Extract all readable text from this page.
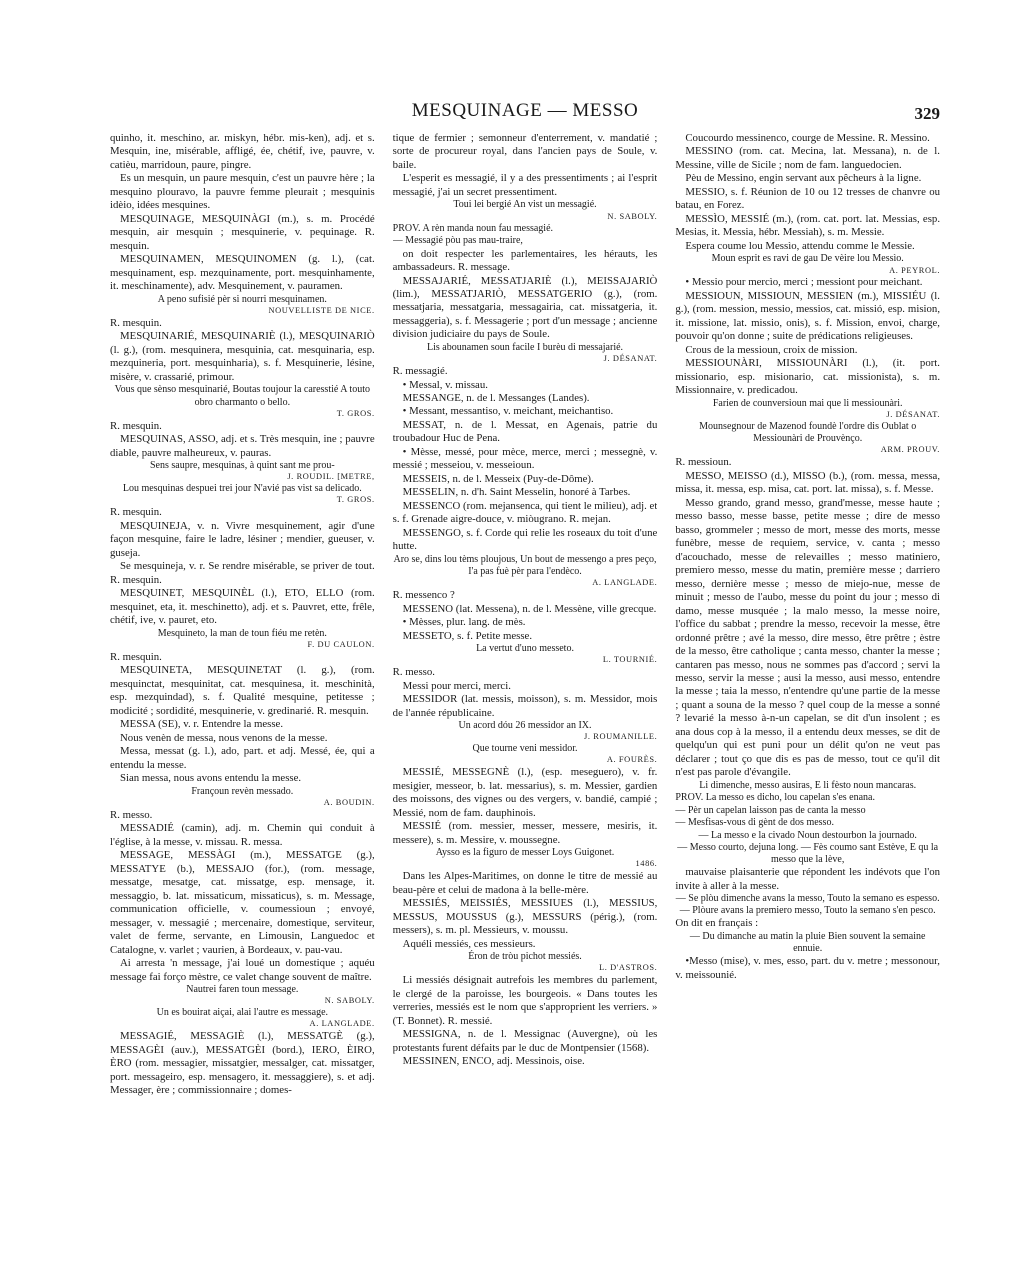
MESQUINAGE — MESSO	329

quinho, it. meschino, ar. miskyn, hébr. mis-ken), adj. et s. Mesquin, ine, misérable, affligé, ée, chétif, ive, pauvre, v. catièu, marridoun, paure, pingre.

Es un mesquin, un paure mesquin, c'est un pauvre hère ; la mesquino plouravo, la pauvre femme pleurait ; mesquinis idèio, idées mesquines.

MESQUINAGE, MESQUINÀGI (m.), s. m. Procédé mesquin, air mesquin ; mesquinerie, v. pequinage. R. mesquin.

MESQUINAMEN, MESQUINOMEN (g. l.), (cat. mesquinament, esp. mezquinamente, port. mesquinhamente, it. meschinamente), adv. Mesquinement, v. pauramen.

A peno sufisié pèr si nourri mesquinamen.

NOUVELLISTE DE NICE.

R. mesquin.

MESQUINARIÉ, MESQUINARIÈ (l.), MESQUINARIÒ (l. g.), (rom. mesquinera, mesquinia, cat. mesquinaria, esp. mezquineria, port. mesquinharia), s. f. Mesquinerie, lésine, misère, v. crassarié, primour.

Vous que sènso mesquinarié, Boutas toujour la caresstié A touto obro charmanto o bello.

T. GROS.

R. mesquin.

MESQUINAS, ASSO, adj. et s. Très mesquin, ine ; pauvre diable, pauvre malheureux, v. pauras.

Sens saupre, mesquinas, à quint sant me prou-

J. ROUDIL. [METRE,

Lou mesquinas despuei trei jour N'avié pas vist sa delicado.

T. GROS.

R. mesquin.

MESQUINEJA, v. n. Vivre mesquinement, agir d'une façon mesquine, faire le ladre, lésiner ; mendier, gueuser, v. guseja.

Se mesquineja, v. r. Se rendre misérable, se priver de tout. R. mesquin.

MESQUINET, MESQUINÈL (l.), ETO, ELLO (rom. mesquinet, eta, it. meschinetto), adj. et s. Pauvret, ette, frêle, chétif, ive, v. pauret, eto.

Mesquineto, la man de toun fiéu me retèn.

F. DU CAULON.

R. mesquin.

MESQUINETA, MESQUINETAT (l. g.), (rom. mesquinctat, mesquinitat, cat. mesquinesa, it. meschinità, esp. mezquindad), s. f. Qualité mesquine, petitesse ; modicité ; sordidité, mesquinerie, v. gredinarié. R. mesquin.

MESSA (SE), v. r. Entendre la messe.

Nous venèn de messa, nous venons de la messe.

Messa, messat (g. l.), ado, part. et adj. Messé, ée, qui a entendu la messe.

Sian messa, nous avons entendu la messe.

Françoun revèn messado.

A. BOUDIN.

R. messo.

MESSADIÉ (camin), adj. m. Chemin qui conduit à l'église, à la messe, v. missau. R. messa.

MESSAGE, MESSÀGI (m.), MESSATGE (g.), MESSATYE (b.), MESSAJO (for.), (rom. message, messatge, mesatge, cat. missatge, esp. mensage, it. messaggio, b. lat. missaticum, missaticus), s. m. Message, communication officielle, v. coumessioun ; envoyé, messager, v. messagié ; mercenaire, domestique, serviteur, valet de ferme, servante, en Limousin, Languedoc et Catalogne, v. varlet ; vaurien, à Bordeaux, v. pau-vau.

Ai arresta 'n message, j'ai loué un domestique ; aquéu message fai forço mèstre, ce valet change souvent de maître.

Nautrei faren toun message.

N. SABOLY.

Un es bouirat aiçai, alai l'autre es message.

A. LANGLADE.

MESSAGIÉ, MESSAGIÈ (l.), MESSATGÈ (g.), MESSAGÈI (auv.), MESSATGÈI (bord.), IERO, ÈIRO, ÈRO (rom. messagier, missatgier, messalger, cat. missatger, port. messageiro, esp. mensagero, it. messaggiere), s. et adj. Messager, ère ; commissionnaire ; domes-

tique de fermier ; semonneur d'enterrement, v. mandatié ; sorte de procureur royal, dans l'ancien pays de Soule, v. baile.

L'esperit es messagié, il y a des pressentiments ; ai l'esprit messagié, j'ai un secret pressentiment.

Toui lei bergié An vist un messagié.

N. SABOLY.

PROV. A rèn manda noun fau messagié.

— Messagié pòu pas mau-traire,

on doit respecter les parlementaires, les hérauts, les ambassadeurs. R. message.

MESSAJARIÉ, MESSATJARIÈ (l.), MEISSAJARIÒ (lim.), MESSATJARIÒ, MESSATGERIO (g.), (rom. messatjaria, messatgaria, messagairia, cat. missatgeria, it. messaggeria), s. f. Messagerie ; port d'un message ; ancienne division judiciaire du pays de Soule.

Lis abounamen soun facile I burèu di messajarié.

J. DÉSANAT.

R. messagié.

• Messal, v. missau.

MESSANGE, n. de l. Messanges (Landes).

• Messant, messantiso, v. meichant, meichantiso.

MESSAT, n. de l. Messat, en Agenais, patrie du troubadour Huc de Pena.

• Mèsse, messé, pour mèce, merce, merci ; messegnè, v. messié ; messeiou, v. messeioun.

MESSEIS, n. de l. Messeix (Puy-de-Dôme).

MESSELIN, n. d'h. Saint Messelin, honoré à Tarbes.

MESSENCO (rom. mejansenca, qui tient le milieu), adj. et s. f. Grenade aigre-douce, v. miòugrano. R. mejan.

MESSENGO, s. f. Corde qui relie les roseaux du toit d'une hutte.

Aro se, dins lou tèms ploujous, Un bout de messengo a pres peço, I'a pas fuè pèr para l'endèco.

A. LANGLADE.

R. messenco ?

MESSENO (lat. Messena), n. de l. Messène, ville grecque.

• Mèsses, plur. lang. de mès.

MESSETO, s. f. Petite messe.

La vertut d'uno messeto.

L. TOURNIÉ.

R. messo.

Messi pour merci, merci.

MESSIDOR (lat. messis, moisson), s. m. Messidor, mois de l'année républicaine.

Un acord dóu 26 messidor an IX.

J. ROUMANILLE.

Que tourne veni messidor.

A. FOURÈS.

MESSIÉ, MESSEGNÈ (l.), (esp. meseguero), v. fr. mesigier, messeor, b. lat. messarius), s. m. Messier, gardien des moissons, des vignes ou des vergers, v. bandié, campié ; Messié, nom de fam. dauphinois.

MESSIÉ (rom. messier, messer, messere, mesiris, it. messere), s. m. Messire, v. moussegne.

Aysso es la figuro de messer Loys Guigonet.

1486.

Dans les Alpes-Maritimes, on donne le titre de messié au beau-père et celui de madona à la belle-mère.

MESSIÉS, MEISSIÉS, MESSIUES (l.), MESSIUS, MESSUS, MOUSSUS (g.), MESSURS (périg.), (rom. messers), s. m. pl. Messieurs, v. moussu.

Aquéli messiés, ces messieurs.

Éron de tròu pichot messiés.

L. D'ASTROS.

Li messiés désignait autrefois les membres du parlement, le clergé de la paroisse, les bourgeois. « Dans toutes les verreries, messiés est le nom que s'approprient les verriers. » (T. Bonnet). R. messié.

MESSIGNA, n. de l. Messignac (Auvergne), où les protestants furent défaits par le duc de Montpensier (1568).

MESSINEN, ENCO, adj. Messinois, oise.

Coucourdo messinenco, courge de Messine. R. Messino.

MESSINO (rom. cat. Mecina, lat. Messana), n. de l. Messine, ville de Sicile ; nom de fam. languedocien.

Pèu de Messino, engin servant aux pêcheurs à la ligne.

MESSIO, s. f. Réunion de 10 ou 12 tresses de chanvre ou batau, en Forez.

MESSÌO, MESSIÉ (m.), (rom. cat. port. lat. Messias, esp. Mesias, it. Messia, hébr. Messiah), s. m. Messie.

Espera coume lou Messìo, attendu comme le Messie.

Moun esprit es ravi de gau De vèire lou Messìo.

A. PEYROL.

• Messio pour mercìo, merci ; messiont pour meichant.

MESSIOUN, MISSIOUN, MESSIEN (m.), MISSIÉU (l. g.), (rom. mession, messio, messios, cat. missió, esp. mision, it. missione, lat. missio, onis), s. f. Mission, envoi, charge, pouvoir qu'on donne ; suite de prédications religieuses.

Crous de la messioun, croix de mission.

MESSIOUNÀRI, MISSIOUNÀRI (l.), (it. port. missionario, esp. misionario, cat. missionista), s. m. Missionnaire, v. predicadou.

Farien de counversioun mai que li messiounàri.

J. DÉSANAT.

Mounsegnour de Mazenod foundè l'ordre dis Oublat o Messiounàri de Prouvènço.

ARM. PROUV.

R. messioun.

MESSO, MEISSO (d.), MISSO (b.), (rom. messa, messa, missa, it. messa, esp. misa, cat. port. lat. missa), s. f. Messe.

Messo grando, grand messo, grand'messe, messe haute ; messo basso, messe basse, petite messe ; dire de messo basso, grommeler ; messo de mort, messe des morts, messe funèbre, messe de requiem, service, v. canta ; messo d'acouchado, messe de relevailles ; messo matiniero, premiero messo, messe du matin, première messe ; darriero messo, dernière messe ; messo de miejo-nue, messe de minuit ; messo de l'aubo, messe du point du jour ; messo di damo, messe musquée ; la malo messo, la messe noire, l'office du sabbat ; prendre la messo, recevoir la messe, être ordonné prêtre ; avé la messo, dire messo, être prêtre ; èstre de la messo, être catholique ; canta messo, chanter la messe ; cantaren pas messo, nous ne sommes pas d'accord ; servi la messo, servir la messe ; ausi la messo, ausi messo, entendre la messe ; taia la messo, n'entendre qu'une partie de la messe ; quant a souna de la messo ? quel coup de la messe a sonné ? levarié la messo à-n-un capelan, se dit d'un insolent ; es ana dous cop à la messo, il a entendu deux messes, se dit de quelqu'un qui est puni pour un délit qu'on ne veut pas déclarer ; tout ço que dis es pas de messo, tout ce qu'il dit n'est pas parole d'évangile.

Li dimenche, messo ausiras, E li fèsto noun mancaras.

PROV. La messo es dicho, lou capelan s'es enana.

— Pèr un capelan laisson pas de canta la messo

— Mesfisas-vous di gènt de dos messo.

— La messo e la civado Noun destourbon la journado.

— Messo courto, dejuna long. — Fès coumo sant Estève, E qu la messo que la lève,

mauvaise plaisanterie que répondent les indévots que l'on invite à aller à la messe.

— Se plòu dimenche avans la messo, Touto la semano es espesso.

— Plòure avans la premiero messo, Touto la semano s'en pesco.

On dit en français :

— Du dimanche au matin la pluie Bien souvent la semaine ennuie.

•Messo (mise), v. mes, esso, part. du v. metre ; messonour, v. meissounié.
